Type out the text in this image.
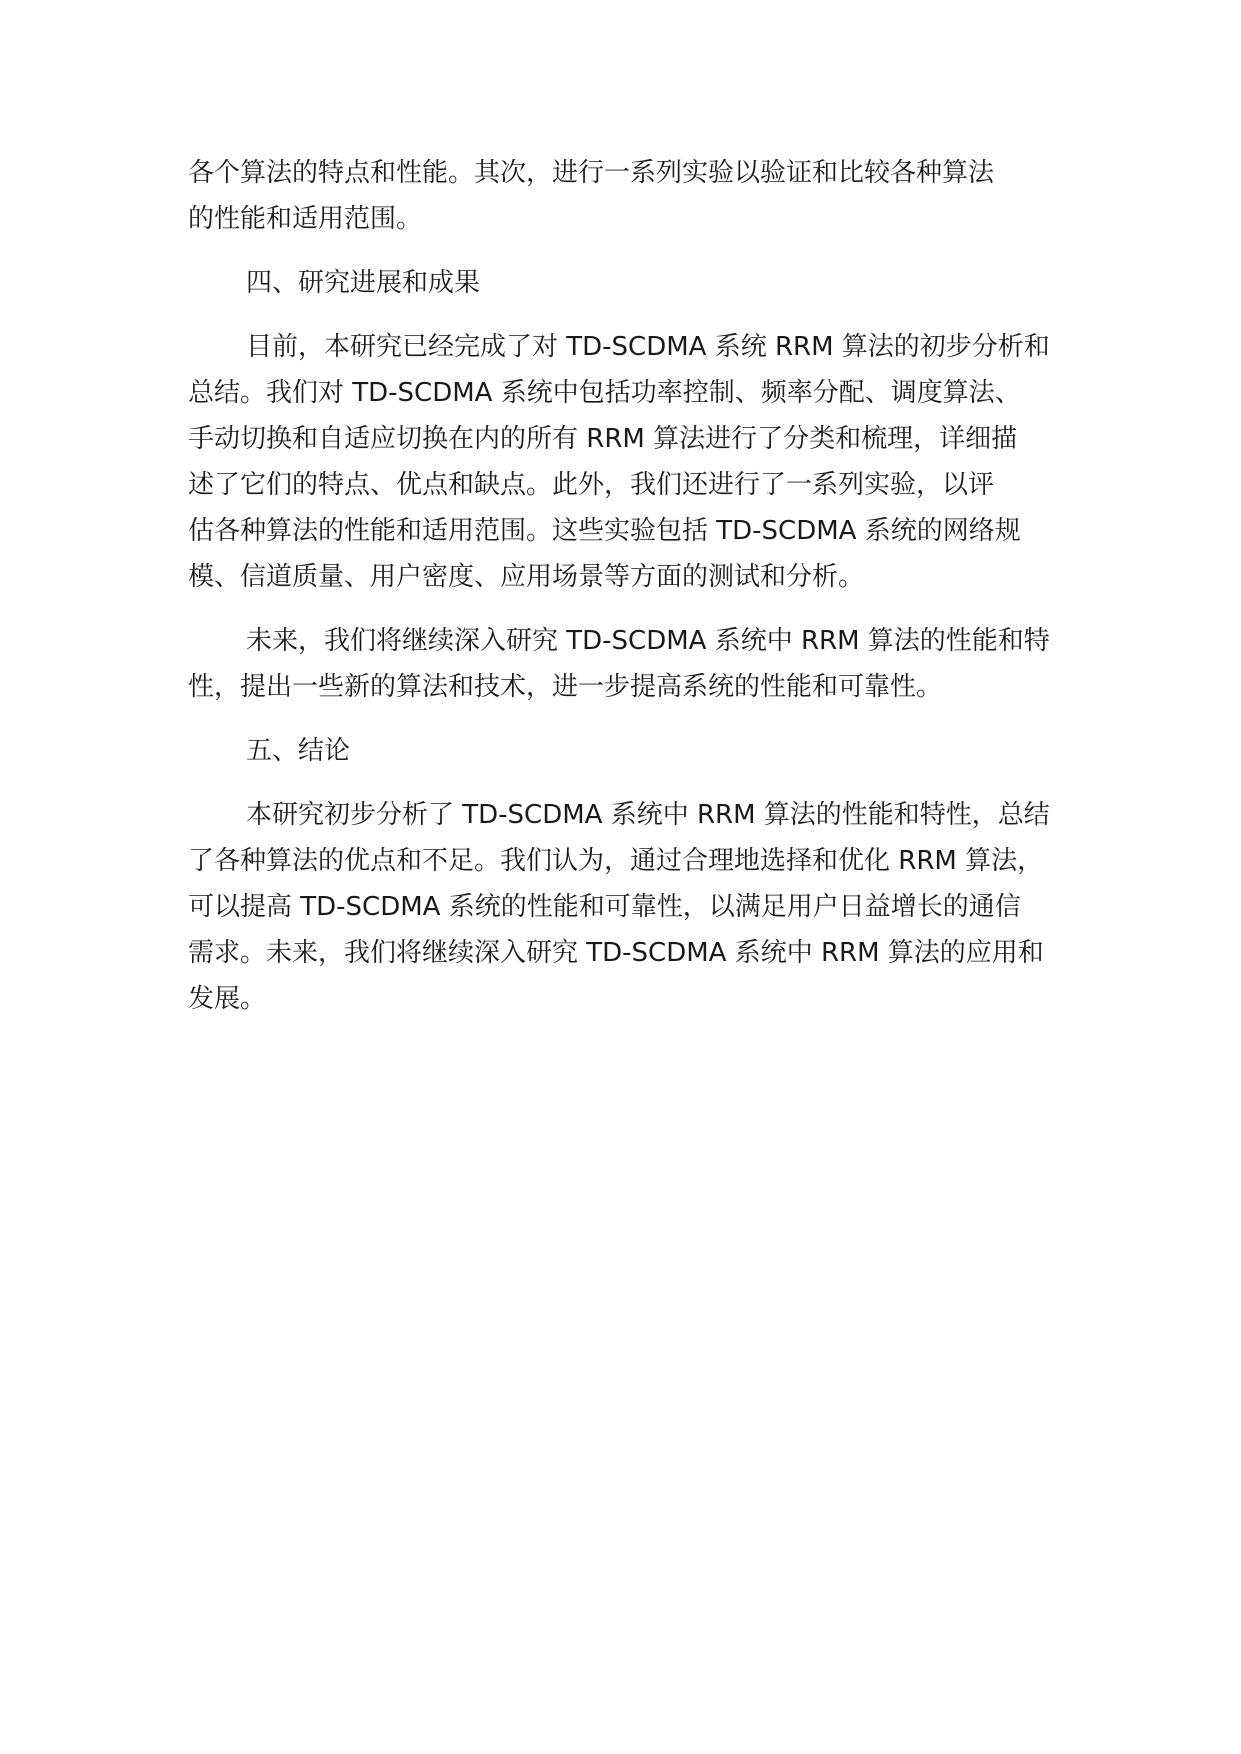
各个算法的特点和性能。其次，进行一系列实验以验证和比较各种算法
的性能和适用范围。

四、研究进展和成果

目前，本研究已经完成了对 TD-SCDMA 系统 RRM 算法的初步分析和
总结。我们对 TD-SCDMA 系统中包括功率控制、频率分配、调度算法、
手动切换和自适应切换在内的所有 RRM 算法进行了分类和梳理，详细描
述了它们的特点、优点和缺点。此外，我们还进行了一系列实验，以评
估各种算法的性能和适用范围。这些实验包括 TD-SCDMA 系统的网络规
模、信道质量、用户密度、应用场景等方面的测试和分析。

未来，我们将继续深入研究 TD-SCDMA 系统中 RRM 算法的性能和特
性，提出一些新的算法和技术，进一步提高系统的性能和可靠性。

五、结论

本研究初步分析了 TD-SCDMA 系统中 RRM 算法的性能和特性，总结
了各种算法的优点和不足。我们认为，通过合理地选择和优化 RRM 算法，
可以提高 TD-SCDMA 系统的性能和可靠性，以满足用户日益增长的通信
需求。未来，我们将继续深入研究 TD-SCDMA 系统中 RRM 算法的应用和
发展。
